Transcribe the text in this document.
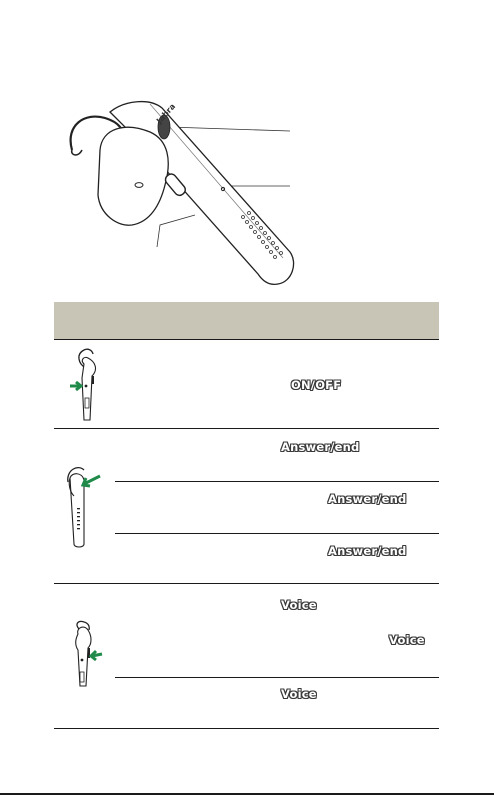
Jabra
ON/OFF
Answer/end
Answer/end
Answer/end
Voice
Voice
Voice
